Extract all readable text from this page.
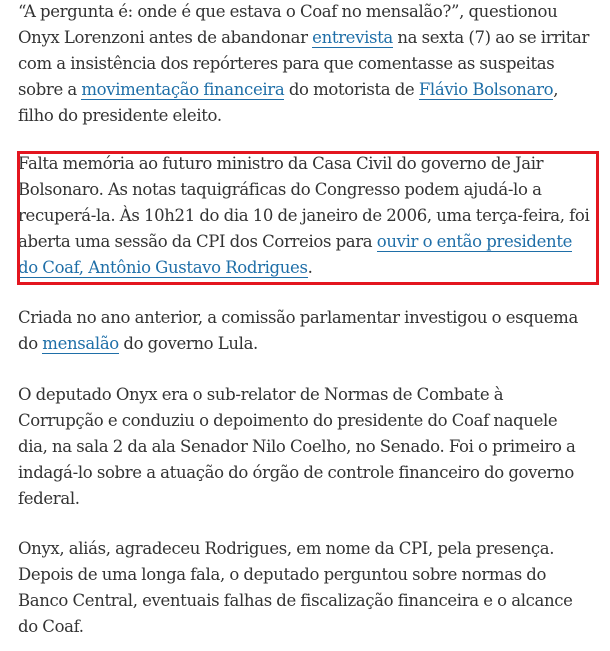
“A pergunta é: onde é que estava o Coaf no mensalão?”, questionou
Onyx Lorenzoni antes de abandonar entrevista na sexta (7) ao se irritar
com a insistência dos repórteres para que comentasse as suspeitas
sobre a movimentação financeira do motorista de Flávio Bolsonaro,
filho do presidente eleito.

Falta memória ao futuro ministro da Casa Civil do governo de Jair
Bolsonaro. As notas taquigráficas do Congresso podem ajudá-lo a
recuperá-la. Às 10h21 do dia 10 de janeiro de 2006, uma terça-feira, foi
aberta uma sessão da CPI dos Correios para ouvir o então presidente
do Coaf, Antônio Gustavo Rodrigues.

Criada no ano anterior, a comissão parlamentar investigou o esquema
do mensalão do governo Lula.

O deputado Onyx era o sub-relator de Normas de Combate à
Corrupção e conduziu o depoimento do presidente do Coaf naquele
dia, na sala 2 da ala Senador Nilo Coelho, no Senado. Foi o primeiro a
indagá-lo sobre a atuação do órgão de controle financeiro do governo
federal.

Onyx, aliás, agradeceu Rodrigues, em nome da CPI, pela presença.
Depois de uma longa fala, o deputado perguntou sobre normas do
Banco Central, eventuais falhas de fiscalização financeira e o alcance
do Coaf.
